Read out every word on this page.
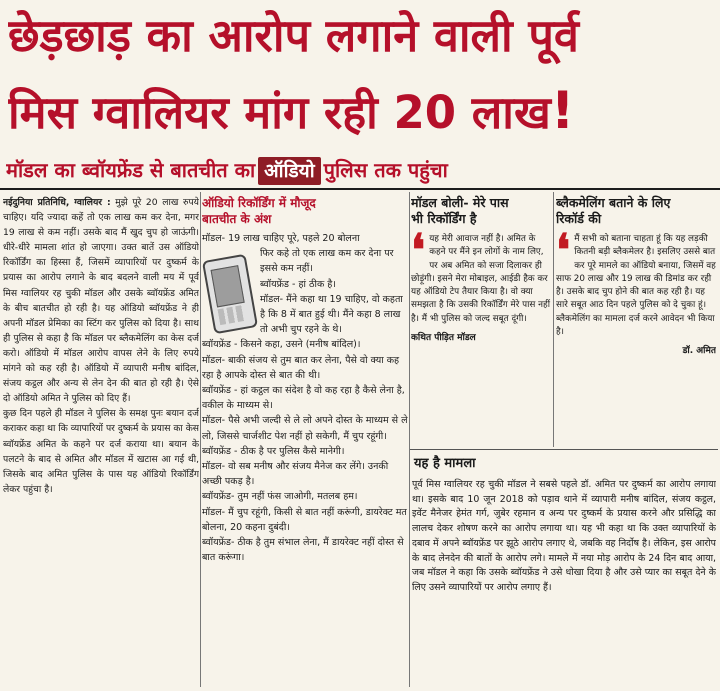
छेड़छाड़ का आरोप लगाने वाली पूर्व
मिस ग्वालियर मांग रही 20 लाख!
मॉडल का ब्वॉयफ्रेंड से बातचीत का ऑडियो पुलिस तक पहुंचा

नईदुनिया प्रतिनिधि, ग्वालियर : मुझे पूरे 20 लाख रुपये चाहिए। यदि ज्यादा कहें तो एक लाख कम कर देना, मगर 19 लाख से कम नहीं। उसके बाद मैं खुद चुप हो जाऊंगी। धीरे-धीरे मामला शांत हो जाएगा। उक्त बातें उस ऑडियो रिकॉर्डिंग का हिस्सा हैं, जिसमें व्यापारियों पर दुष्कर्म के प्रयास का आरोप लगाने के बाद बदलने वाली मय में पूर्व मिस ग्वालियर रह चुकी मॉडल और उसके ब्वॉयफ्रेंड अमित के बीच बातचीत हो रही है। यह ऑडियो ब्वॉयफ्रेंड ने ही अपनी मॉडल प्रेमिका का स्टिंग कर पुलिस को दिया है। साथ ही पुलिस से कहा है कि मॉडल पर ब्लैकमेलिंग का केस दर्ज करो। ऑडियो में मॉडल आरोप वापस लेने के लिए रुपये मांगने को कह रही है। ऑडियो में व्यापारी मनीष बांदिल, संजय कट्ठल और अन्य से लेन देन की बात हो रही है। ऐसे दो ऑडियो अमित ने पुलिस को दिए हैं।

कुछ दिन पहले ही मॉडल ने पुलिस के समक्ष पुनः बयान दर्ज कराकर कहा था कि व्यापारियों पर दुष्कर्म के प्रयास का केस ब्वॉयफ्रेंड अमित के कहने पर दर्ज कराया था। बयान के पलटने के बाद से अमित और मॉडल में खटास आ गई थी, जिसके बाद अमित पुलिस के पास यह ऑडियो रिकॉर्डिंग लेकर पहुंचा है।

ऑडियो रिकॉर्डिंग में मौजूद
बातचीत के अंश

मॉडल- 19 लाख चाहिए पूरे, पहले 20 बोलना

फिर कहे तो एक लाख कम कर देना पर इससे कम नहीं।

ब्वॉयफ्रेंड - हां ठीक है।

मॉडल- मैंने कहा था 19 चाहिए, वो कहता है कि 8 में बात हुई थी। मैंने कहा 8 लाख तो अभी चुप रहने के थे।

ब्वॉयफ्रेंड - किसने कहा, उसने (मनीष बांदिल)।

मॉडल- बाकी संजय से तुम बात कर लेना, पैसे वो क्या कह रहा है आपके दोस्त से बात की थी।

ब्वॉयफ्रेंड - हां कट्ठल का संदेश है वो कह रहा है कैसे लेना है, वकील के माध्यम से।

मॉडल- पैसे अभी जल्दी से ले लो अपने दोस्त के माध्यम से ले लो, जिससे चार्जशीट पेश नहीं हो सकेगी, मैं चुप रहूंगी।

ब्वॉयफ्रेंड - ठीक है पर पुलिस कैसे मानेगी।

मॉडल- वो सब मनीष और संजय मैनेज कर लेंगे। उनकी अच्छी पकड़ है।

ब्वॉयफ्रेंड- तुम नहीं फंस जाओगी, मतलब हम।

मॉडल- मैं चुप रहूंगी, किसी से बात नहीं करूंगी, डायरेक्ट मत बोलना, 20 कहना दुबंदी।

ब्वॉयफ्रेंड- ठीक है तुम संभाल लेना, मैं डायरेक्ट नहीं दोस्त से बात करूंगा।

मॉडल बोली- मेरे पास
भी रिकॉर्डिंग है
❛ यह मेरी आवाज नहीं है। अमित के कहने पर मैंने इन लोगों के नाम लिए, पर अब अमित को सजा दिलाकर ही छोड़ूंगी। इसने मेरा मोबाइल, आईडी हैक कर यह ऑडियो टेप तैयार किया है। वो क्या समझता है कि उसकी रिकॉर्डिंग मेरे पास नहीं है। मैं भी पुलिस को जल्द सबूत दूंगी।

कथित पीड़ित मॉडल
ब्लैकमेलिंग बताने के लिए
रिकॉर्ड की
❛ मैं सभी को बताना चाहता हूं कि यह लड़की कितनी बड़ी ब्लैकमेलर है। इसलिए उससे बात कर पूरे मामले का ऑडियो बनाया, जिसमें वह साफ 20 लाख और 19 लाख की डिमांड कर रही है। उसके बाद चुप होने की बात कह रही है। यह सारे सबूत आठ दिन पहले पुलिस को दे चुका हूं। ब्लैकमेलिंग का मामला दर्ज करने आवेदन भी किया है।

डॉ. अमित
यह है मामला

पूर्व मिस ग्वालियर रह चुकी मॉडल ने सबसे पहले डॉ. अमित पर दुष्कर्म का आरोप लगाया था। इसके बाद 10 जून 2018 को पड़ाव थाने में व्यापारी मनीष बांदिल, संजय कट्ठल, इवेंट मैनेजर हेमंत गर्ग, जुबेर रहमान व अन्य पर दुष्कर्म के प्रयास करने और प्रसिद्धि का लालच देकर शोषण करने का आरोप लगाया था। यह भी कहा था कि उक्त व्यापारियों के दबाव में अपने ब्वॉयफ्रेंड पर झूठे आरोप लगाए थे, जबकि वह निर्दोष है। लेकिन, इस आरोप के बाद लेनदेन की बातों के आरोप लगे। मामले में नया मोड़ आरोप के 24 दिन बाद आया, जब मॉडल ने कहा कि उसके ब्वॉयफ्रेंड ने उसे धोखा दिया है और उसे प्यार का सबूत देने के लिए उसने व्यापारियों पर आरोप लगाए हैं।
